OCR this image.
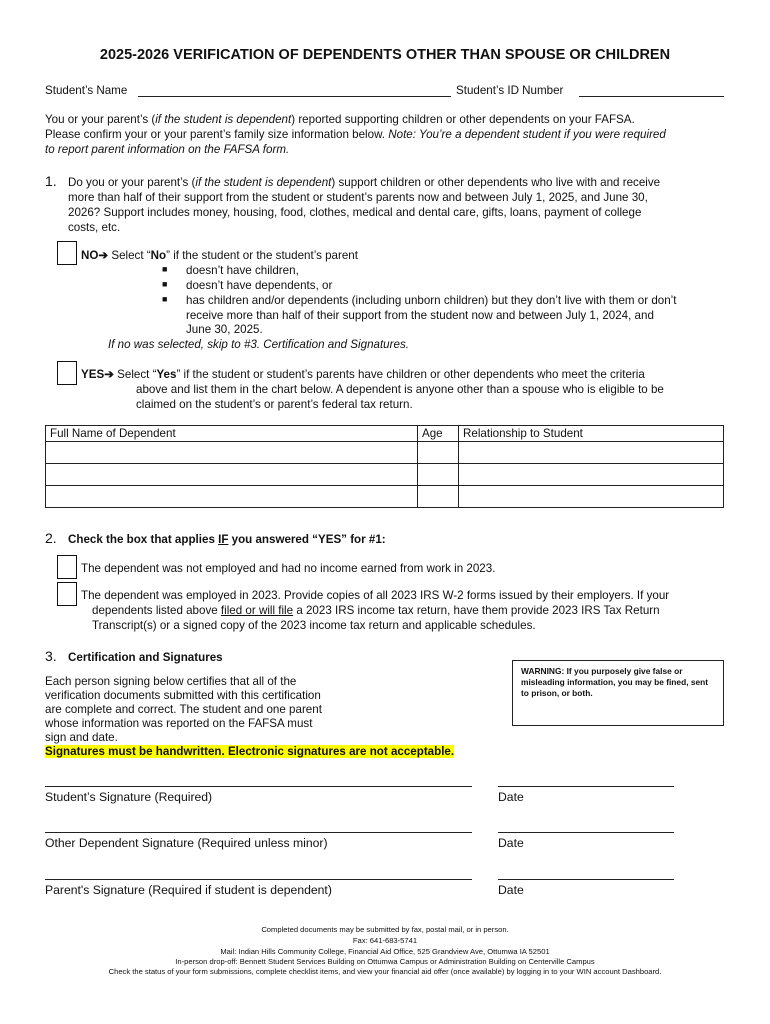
2025-2026 VERIFICATION OF DEPENDENTS OTHER THAN SPOUSE OR CHILDREN
Student’s Name	Student’s ID Number
You or your parent’s (if the student is dependent) reported supporting children or other dependents on your FAFSA.
Please confirm your or your parent’s family size information below. Note: You’re a dependent student if you were required
to report parent information on the FAFSA form.
1. Do you or your parent’s (if the student is dependent) support children or other dependents who live with and receive
more than half of their support from the student or student’s parents now and between July 1, 2025, and June 30,
2026? Support includes money, housing, food, clothes, medical and dental care, gifts, loans, payment of college
costs, etc.
NO➔ Select “No” if the student or the student’s parent
■ doesn’t have children,
■ doesn’t have dependents, or
■ has children and/or dependents (including unborn children) but they don’t live with them or don’t
receive more than half of their support from the student now and between July 1, 2024, and
June 30, 2025.
If no was selected, skip to #3. Certification and Signatures.
YES➔ Select “Yes” if the student or student’s parents have children or other dependents who meet the criteria
above and list them in the chart below. A dependent is anyone other than a spouse who is eligible to be
claimed on the student’s or parent’s federal tax return.
Full Name of Dependent	Age	Relationship to Student

2. Check the box that applies IF you answered “YES” for #1:
The dependent was not employed and had no income earned from work in 2023.
The dependent was employed in 2023. Provide copies of all 2023 IRS W-2 forms issued by their employers. If your
dependents listed above filed or will file a 2023 IRS income tax return, have them provide 2023 IRS Tax Return
Transcript(s) or a signed copy of the 2023 income tax return and applicable schedules.
3. Certification and Signatures
Each person signing below certifies that all of the
verification documents submitted with this certification
are complete and correct. The student and one parent
whose information was reported on the FAFSA must
sign and date.
Signatures must be handwritten. Electronic signatures are not acceptable.
WARNING: If you purposely give false or misleading information, you may be fined, sent to prison, or both.
Student’s Signature (Required)	Date
Other Dependent Signature (Required unless minor)	Date
Parent's Signature (Required if student is dependent)	Date
Completed documents may be submitted by fax, postal mail, or in person.
Fax: 641-683-5741
Mail: Indian Hills Community College, Financial Aid Office, 525 Grandview Ave, Ottumwa IA 52501
In-person drop-off: Bennett Student Services Building on Ottumwa Campus or Administration Building on Centerville Campus
Check the status of your form submissions, complete checklist items, and view your financial aid offer (once available) by logging in to your WIN account Dashboard.
